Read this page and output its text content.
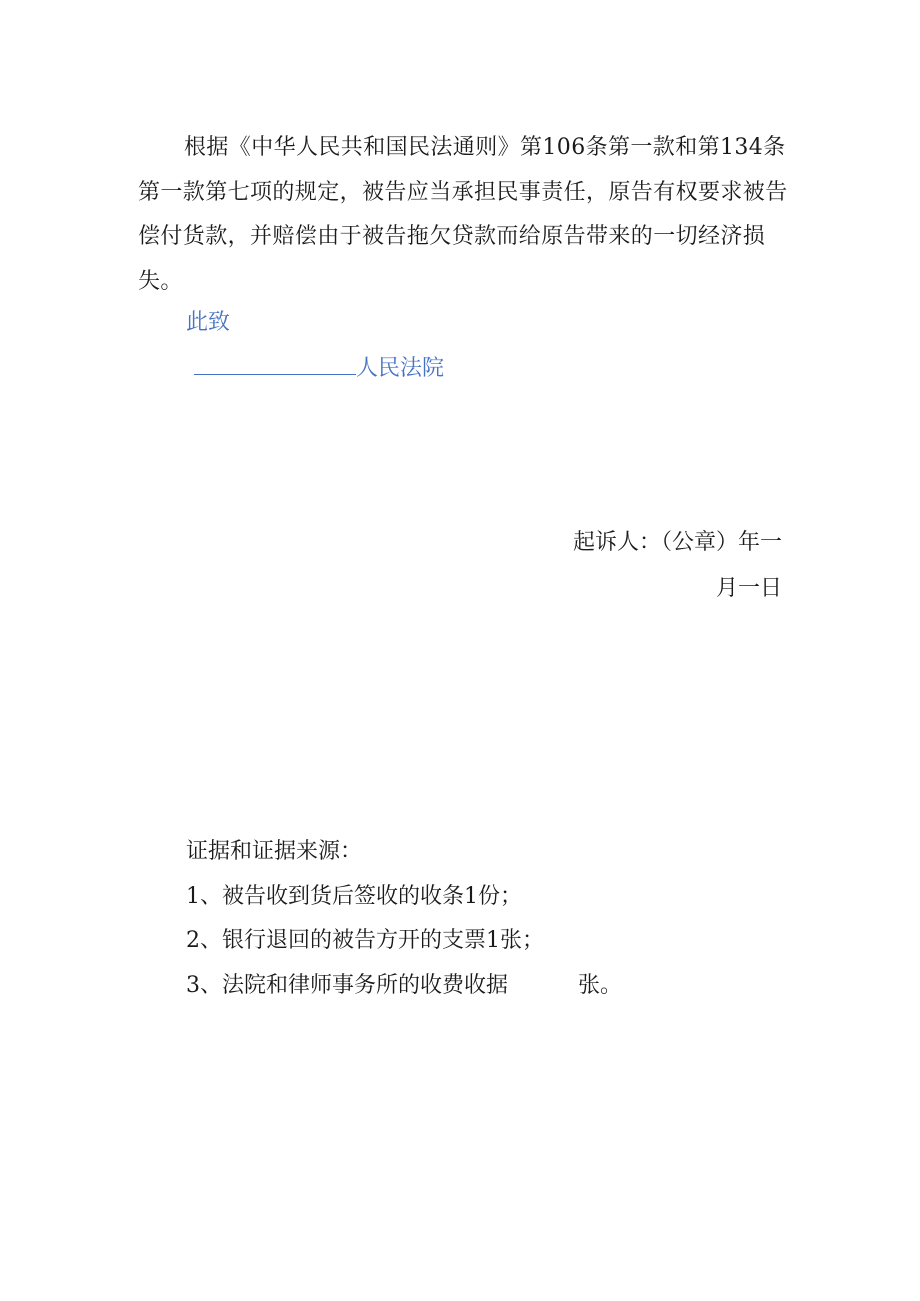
根据《中华人民共和国民法通则》第106条第一款和第134条第一款第七项的规定，被告应当承担民事责任，原告有权要求被告偿付货款，并赔偿由于被告拖欠贷款而给原告带来的一切经济损失。

此致

人民法院

起诉人：（公章）年一
月一日
证据和证据来源：
1、被告收到货后签收的收条1份；
2、银行退回的被告方开的支票1张；
3、法院和律师事务所的收费收据	张。
